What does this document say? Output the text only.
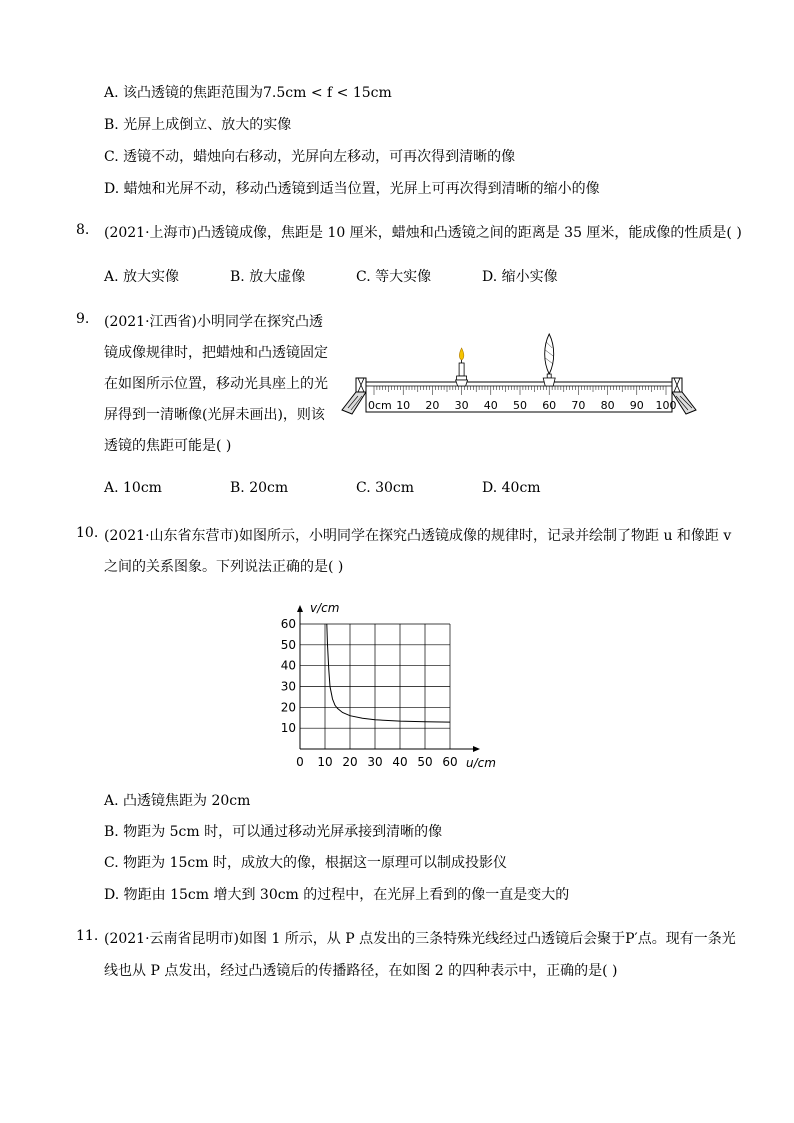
A. 该凸透镜的焦距范围为7.5cm < f < 15cm
B. 光屏上成倒立、放大的实像
C. 透镜不动，蜡烛向右移动，光屏向左移动，可再次得到清晰的像
D. 蜡烛和光屏不动，移动凸透镜到适当位置，光屏上可再次得到清晰的缩小的像
8. (2021·上海市)凸透镜成像，焦距是 10 厘米，蜡烛和凸透镜之间的距离是 35 厘米，能成像的性质是( )
A. 放大实像	B. 放大虚像	C. 等大实像	D. 缩小实像
9. (2021·江西省)小明同学在探究凸透
镜成像规律时，把蜡烛和凸透镜固定
在如图所示位置，移动光具座上的光
屏得到一清晰像(光屏未画出)，则该
透镜的焦距可能是( )
0cm 10 20 30 40 50 60 70 80 90 100
A. 10cm	B. 20cm	C. 30cm	D. 40cm
10. (2021·山东省东营市)如图所示，小明同学在探究凸透镜成像的规律时，记录并绘制了物距 u 和像距 v
之间的关系图象。下列说法正确的是( )
0 10 20 30 40 50 60
10
20
30
40
50
60
v/cm
u/cm
A. 凸透镜焦距为 20cm
B. 物距为 5cm 时，可以通过移动光屏承接到清晰的像
C. 物距为 15cm 时，成放大的像，根据这一原理可以制成投影仪
D. 物距由 15cm 增大到 30cm 的过程中，在光屏上看到的像一直是变大的
11. (2021·云南省昆明市)如图 1 所示，从 P 点发出的三条特殊光线经过凸透镜后会聚于P′点。现有一条光
线也从 P 点发出，经过凸透镜后的传播路径，在如图 2 的四种表示中，正确的是( )
